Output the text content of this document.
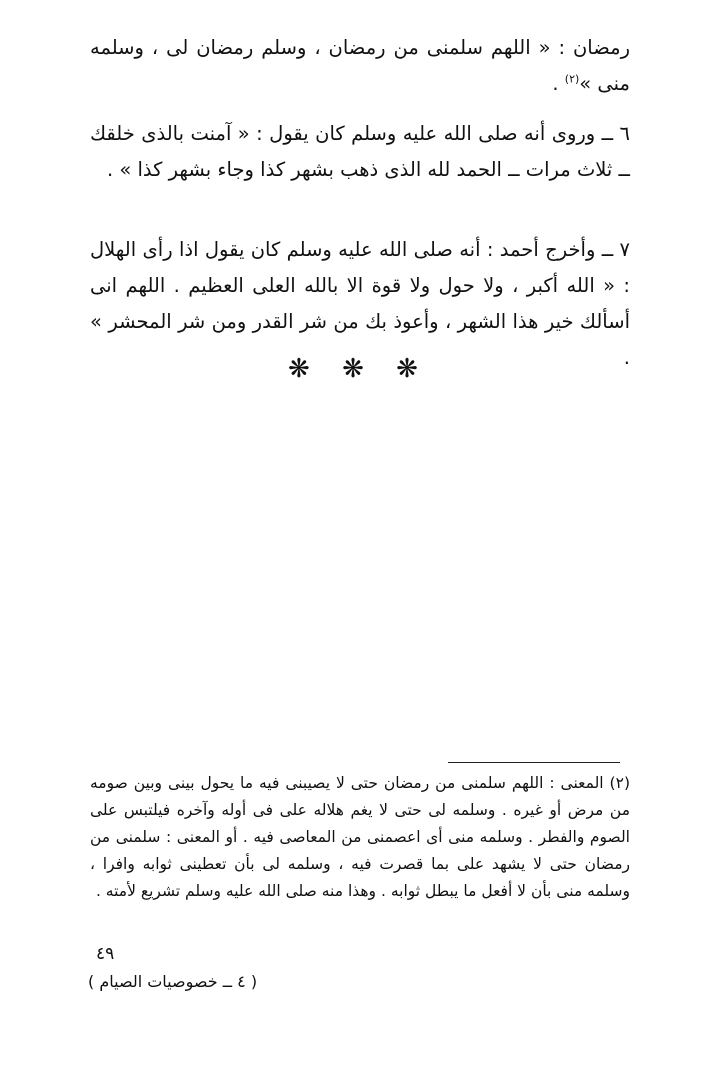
رمضان : « اللهم سلمنى من رمضان ، وسلم رمضان لى ، وسلمه منى »$^{(٢)}$ .
٦ ــ وروى أنه صلى الله عليه وسلم كان يقول : « آمنت بالذى خلقك ــ ثلاث مرات ــ الحمد لله الذى ذهب بشهر كذا وجاء بشهر كذا » .
٧ ــ وأخرج أحمد : أنه صلى الله عليه وسلم كان يقول اذا رأى الهلال : « الله أكبر ، ولا حول ولا قوة الا بالله العلى العظيم . اللهم انى أسألك خير هذا الشهر ، وأعوذ بك من شر القدر ومن شر المحشر » .
❋ ❋ ❋
(٢) المعنى : اللهم سلمنى من رمضان حتى لا يصيبنى فيه ما يحول بينى وبين صومه من مرض أو غيره . وسلمه لى حتى لا يغم هلاله على فى أوله وآخره فيلتبس على الصوم والفطر . وسلمه منى أى اعصمنى من المعاصى فيه . أو المعنى : سلمنى من رمضان حتى لا يشهد على بما قصرت فيه ، وسلمه لى بأن تعطينى ثوابه وافرا ، وسلمه منى بأن لا أفعل ما يبطل ثوابه . وهذا منه صلى الله عليه وسلم تشريع لأمته .
٤٩
( ٤ ــ خصوصيات الصيام )
